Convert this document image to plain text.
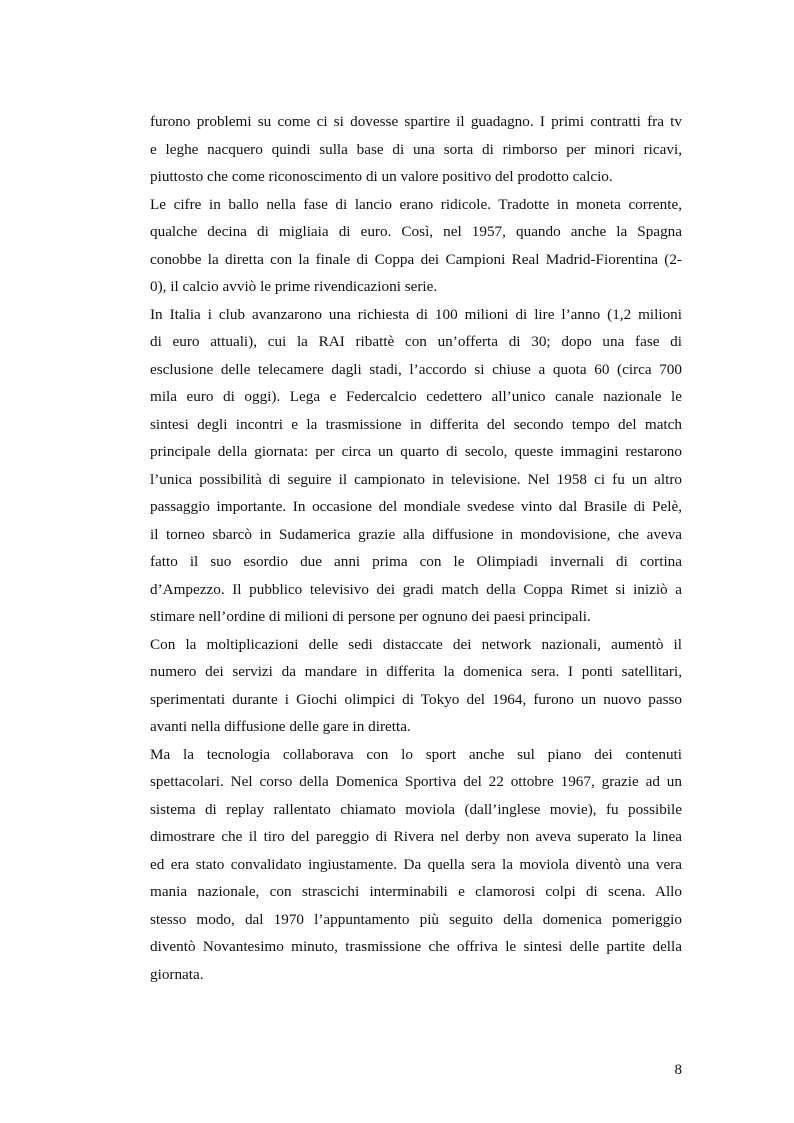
furono problemi su come ci si dovesse spartire il guadagno. I primi contratti fra tv
e leghe nacquero quindi sulla base di una sorta di rimborso per minori ricavi,
piuttosto che come riconoscimento di un valore positivo del prodotto calcio.
Le cifre in ballo nella fase di lancio erano ridicole. Tradotte in moneta corrente,
qualche decina di migliaia di euro. Così, nel 1957, quando anche la Spagna
conobbe la diretta con la finale di Coppa dei Campioni Real Madrid-Fiorentina (2-
0), il calcio avviò le prime rivendicazioni serie.
In Italia i club avanzarono una richiesta di 100 milioni di lire l’anno (1,2 milioni
di euro attuali), cui la RAI ribattè con un’offerta di 30; dopo una fase di
esclusione delle telecamere dagli stadi, l’accordo si chiuse a quota 60 (circa 700
mila euro di oggi). Lega e Federcalcio cedettero all’unico canale nazionale le
sintesi degli incontri e la trasmissione in differita del secondo tempo del match
principale della giornata: per circa un quarto di secolo, queste immagini restarono
l’unica possibilità di seguire il campionato in televisione. Nel 1958 ci fu un altro
passaggio importante. In occasione del mondiale svedese vinto dal Brasile di Pelè,
il torneo sbarcò in Sudamerica grazie alla diffusione in mondovisione, che aveva
fatto il suo esordio due anni prima con le Olimpiadi invernali di cortina
d’Ampezzo. Il pubblico televisivo dei gradi match della Coppa Rimet si iniziò a
stimare nell’ordine di milioni di persone per ognuno dei paesi principali.
Con la moltiplicazioni delle sedi distaccate dei network nazionali, aumentò il
numero dei servizi da mandare in differita la domenica sera. I ponti satellitari,
sperimentati durante i Giochi olimpici di Tokyo del 1964, furono un nuovo passo
avanti nella diffusione delle gare in diretta.
Ma la tecnologia collaborava con lo sport anche sul piano dei contenuti
spettacolari. Nel corso della Domenica Sportiva del 22 ottobre 1967, grazie ad un
sistema di replay rallentato chiamato moviola (dall’inglese movie), fu possibile
dimostrare che il tiro del pareggio di Rivera nel derby non aveva superato la linea
ed era stato convalidato ingiustamente. Da quella sera la moviola diventò una vera
mania nazionale, con strascichi interminabili e clamorosi colpi di scena. Allo
stesso modo, dal 1970 l’appuntamento più seguito della domenica pomeriggio
diventò Novantesimo minuto, trasmissione che offriva le sintesi delle partite della
giornata.
8
